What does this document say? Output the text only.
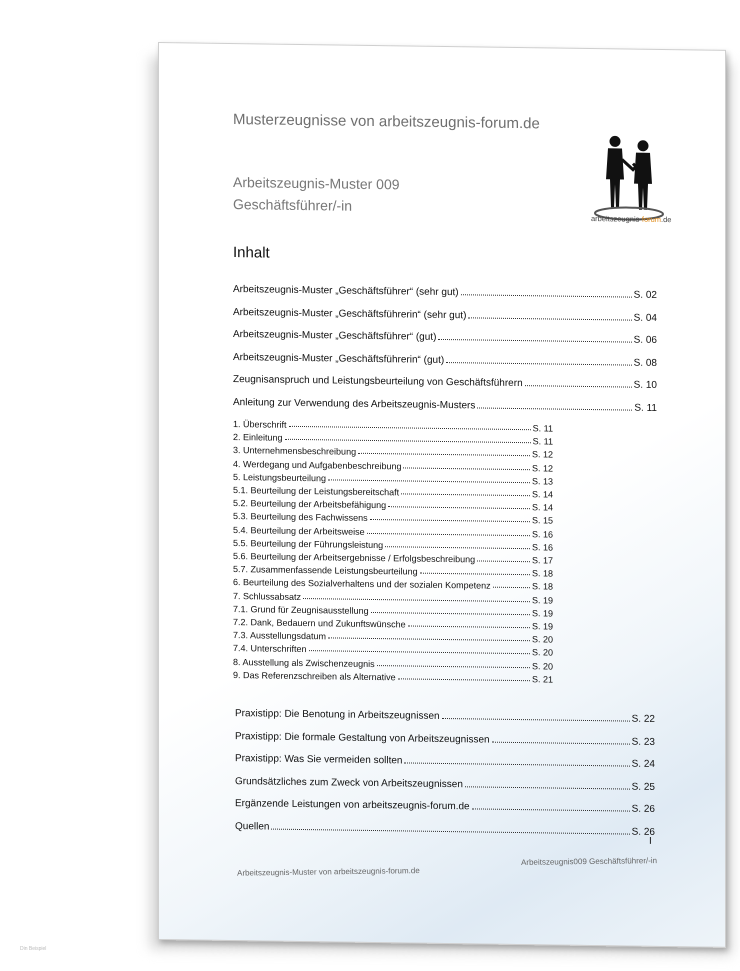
Musterzeugnisse von arbeitszeugnis-forum.de
Arbeitszeugnis-Muster 009
Geschäftsführer/-in
Inhalt
arbeitszeugnis-forum.de
Arbeitszeugnis-Muster „Geschäftsführer“ (sehr gut)	S. 02
Arbeitszeugnis-Muster „Geschäftsführerin“ (sehr gut)	S. 04
Arbeitszeugnis-Muster „Geschäftsführer“ (gut)	S. 06
Arbeitszeugnis-Muster „Geschäftsführerin“ (gut)	S. 08
Zeugnisanspruch und Leistungsbeurteilung von Geschäftsführern	S. 10
Anleitung zur Verwendung des Arbeitszeugnis-Musters	S. 11
1. Überschrift	S. 11
2. Einleitung	S. 11
3. Unternehmensbeschreibung	S. 12
4. Werdegang und Aufgabenbeschreibung	S. 12
5. Leistungsbeurteilung	S. 13
5.1. Beurteilung der Leistungsbereitschaft	S. 14
5.2. Beurteilung der Arbeitsbefähigung	S. 14
5.3. Beurteilung des Fachwissens	S. 15
5.4. Beurteilung der Arbeitsweise	S. 16
5.5. Beurteilung der Führungsleistung	S. 16
5.6. Beurteilung der Arbeitsergebnisse / Erfolgsbeschreibung	S. 17
5.7. Zusammenfassende Leistungsbeurteilung	S. 18
6. Beurteilung des Sozialverhaltens und der sozialen Kompetenz	S. 18
7. Schlussabsatz	S. 19
7.1. Grund für Zeugnisausstellung	S. 19
7.2. Dank, Bedauern und Zukunftswünsche	S. 19
7.3. Ausstellungsdatum	S. 20
7.4. Unterschriften	S. 20
8. Ausstellung als Zwischenzeugnis	S. 20
9. Das Referenzschreiben als Alternative	S. 21
Praxistipp: Die Benotung in Arbeitszeugnissen	S. 22
Praxistipp: Die formale Gestaltung von Arbeitszeugnissen	S. 23
Praxistipp: Was Sie vermeiden sollten	S. 24
Grundsätzliches zum Zweck von Arbeitszeugnissen	S. 25
Ergänzende Leistungen von arbeitszeugnis-forum.de	S. 26
Quellen	S. 26
I
Arbeitszeugnis-Muster von arbeitszeugnis-forum.de
Arbeitszeugnis009 Geschäftsführer/-in
Din Beispiel
